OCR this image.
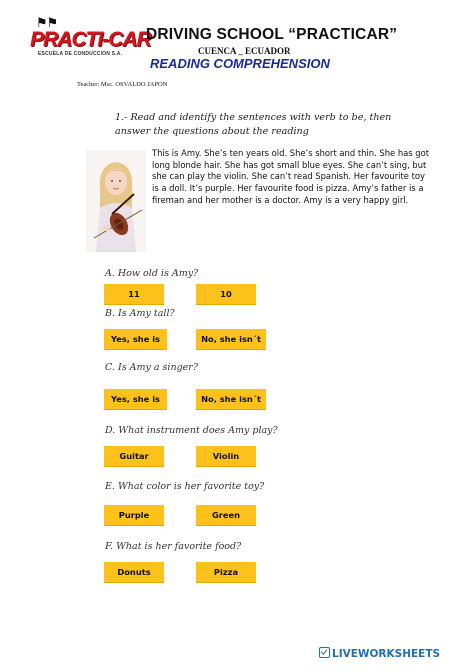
⚑⚑
PRACTI-CAR
ESCUELA DE CONDUCCION S.A.
DRIVING SCHOOL “PRACTICAR”
CUENCA _ ECUADOR
READING COMPREHENSION
Teacher: Msc. OSVALDO JAPON
1.- Read and identify the sentences with verb to be, then answer the questions about the reading
This is Amy. She’s ten years old. She’s short and thin. She has got long blonde hair. She has got small blue eyes. She can’t sing, but she can play the violin. She can’t read Spanish. Her favourite toy is a doll. It’s purple. Her favourite food is pizza. Amy’s father is a fireman and her mother is a doctor. Amy is a very happy girl.
A. How old is Amy?
11	10
B. Is Amy tall?
Yes, she is	No, she isn´t
C. Is Amy a singer?
Yes, she is	No, she isn´t
D. What instrument does Amy play?
Guitar	Violin
E. What color is her favorite toy?
Purple	Green
F. What is her favorite food?
Donuts	Pizza
LIVEWORKSHEETS
